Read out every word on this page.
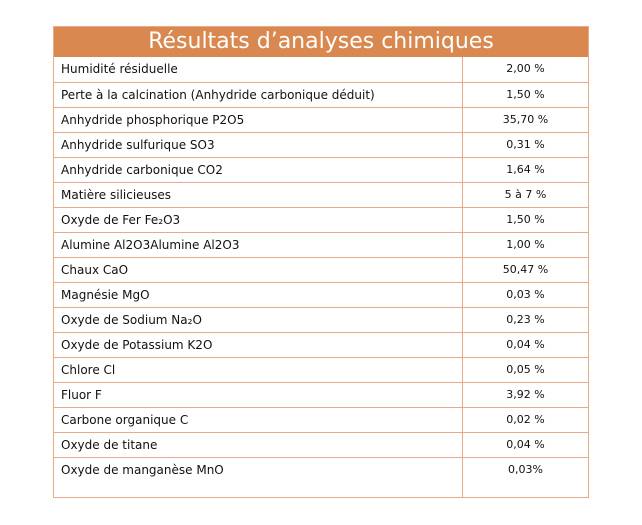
Résultats d’analyses chimiques
Humidité résiduelle	2,00 %
Perte à la calcination (Anhydride carbonique déduit)	1,50 %
Anhydride phosphorique P2O5	35,70 %
Anhydride sulfurique SO3	0,31 %
Anhydride carbonique CO2	1,64 %
Matière silicieuses	5 à 7 %
Oxyde de Fer Fe₂O3	1,50 %
Alumine Al2O3Alumine Al2O3	1,00 %
Chaux CaO	50,47 %
Magnésie MgO	0,03 %
Oxyde de Sodium Na₂O	0,23 %
Oxyde de Potassium K2O	0,04 %
Chlore Cl	0,05 %
Fluor F	3,92 %
Carbone organique C	0,02 %
Oxyde de titane	0,04 %
Oxyde de manganèse MnO	0,03%
